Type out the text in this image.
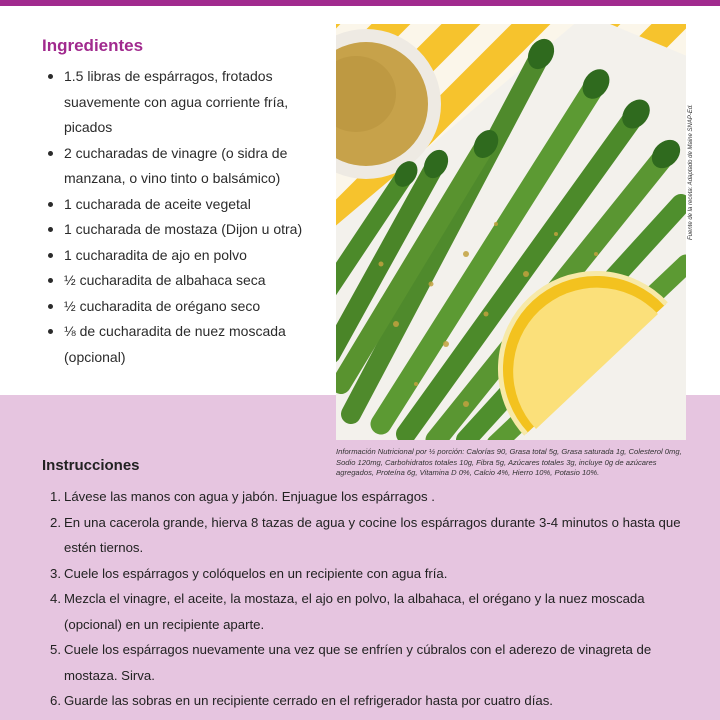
Ingredientes
1.5 libras de espárragos, frotados suavemente con agua corriente fría, picados
2 cucharadas de vinagre (o sidra de manzana, o vino tinto o balsámico)
1 cucharada de aceite vegetal
1 cucharada de mostaza (Dijon u otra)
1 cucharadita de ajo en polvo
½ cucharadita de albahaca seca
½ cucharadita de orégano seco
⅛ de cucharadita de nuez moscada (opcional)
Fuente de la receta: Adaptado de Maine SNAP-Ed.

Información Nutricional por ½ porción: Calorías 90, Grasa total 5g, Grasa saturada 1g, Colesterol 0mg, Sodio 120mg, Carbohidratos totales 10g, Fibra 5g, Azúcares totales 3g, incluye 0g de azúcares agregados, Proteína 6g, Vitamina D 0%, Calcio 4%, Hierro 10%, Potasio 10%.

Instrucciones
1. Lávese las manos con agua y jabón. Enjuague los espárragos .
2. En una cacerola grande, hierva 8 tazas de agua y cocine los espárragos durante 3-4 minutos o hasta que estén tiernos.
3. Cuele los espárragos y colóquelos en un recipiente con agua fría.
4. Mezcla el vinagre, el aceite, la mostaza, el ajo en polvo, la albahaca, el orégano y la nuez moscada (opcional) en un recipiente aparte.
5. Cuele los espárragos nuevamente una vez que se enfríen y cúbralos con el aderezo de vinagreta de mostaza. Sirva.
6. Guarde las sobras en un recipiente cerrado en el refrigerador hasta por cuatro días.
